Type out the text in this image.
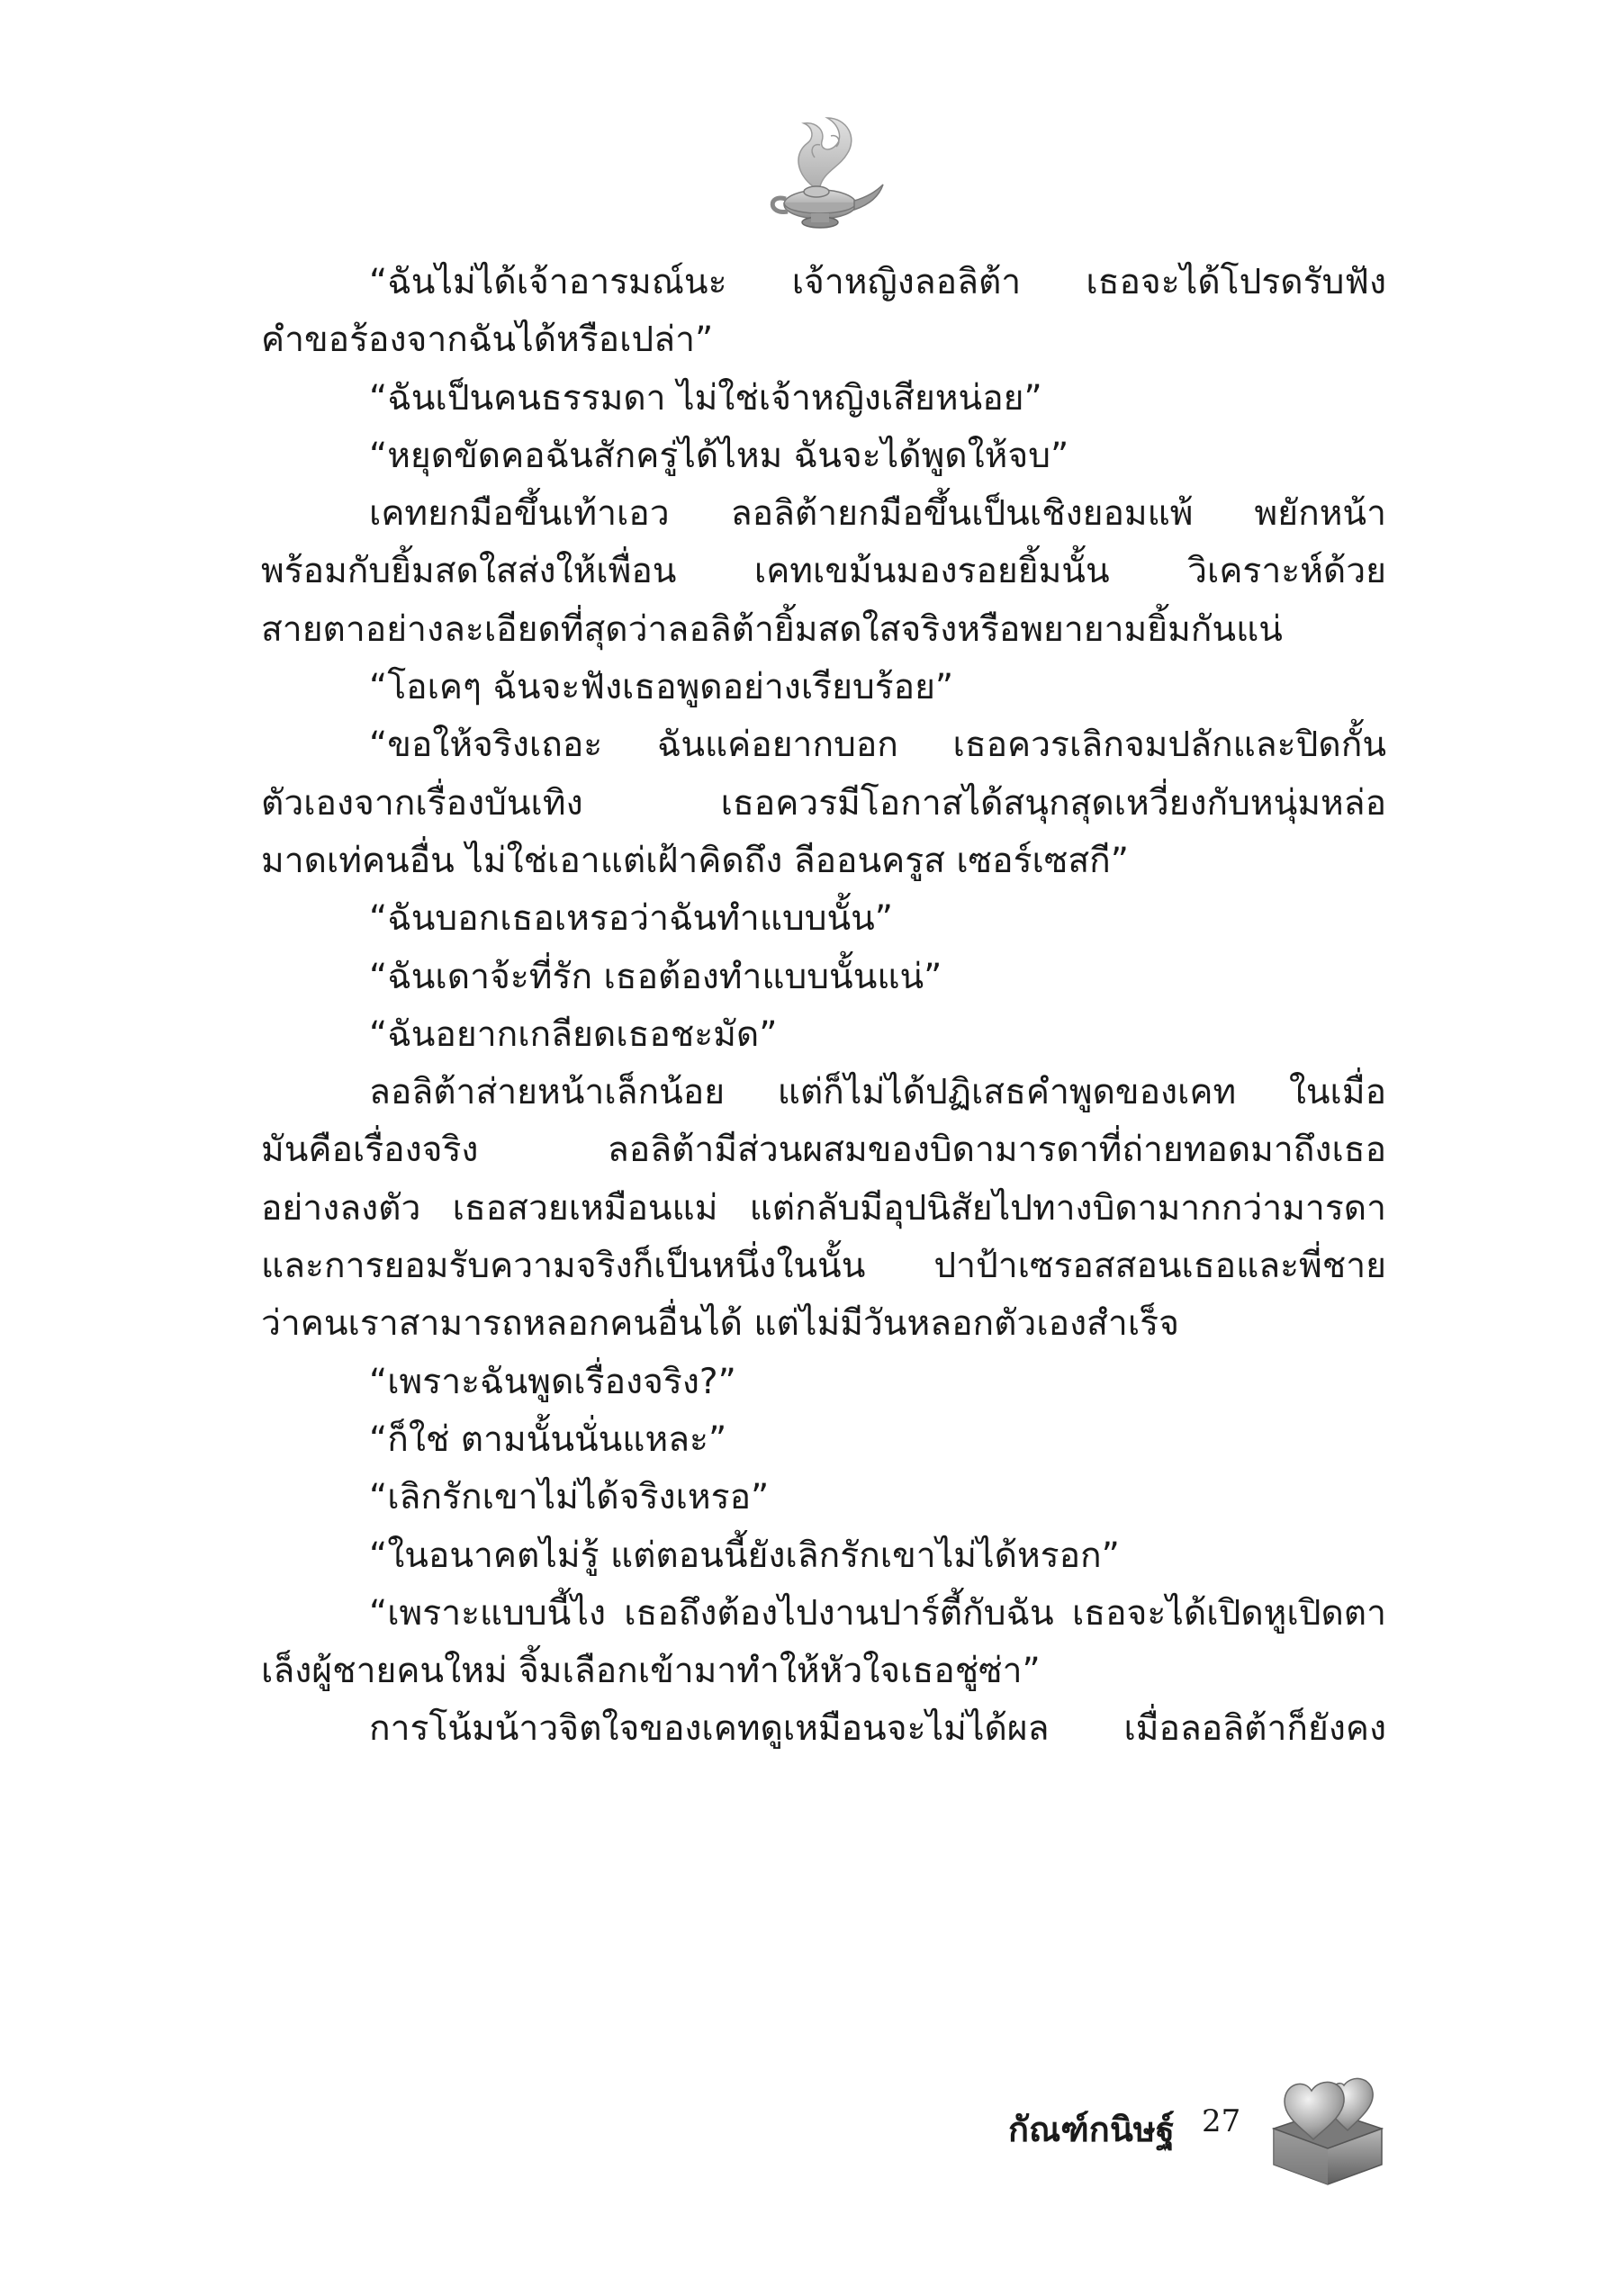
“ฉันไม่ได้เจ้าอารมณ์นะ เจ้าหญิงลอลิต้า เธอจะได้โปรดรับฟัง
คำขอร้องจากฉันได้หรือเปล่า”
“ฉันเป็นคนธรรมดา ไม่ใช่เจ้าหญิงเสียหน่อย”
“หยุดขัดคอฉันสักครู่ได้ไหม ฉันจะได้พูดให้จบ”
เคทยกมือขึ้นเท้าเอว ลอลิต้ายกมือขึ้นเป็นเชิงยอมแพ้ พยักหน้า
พร้อมกับยิ้มสดใสส่งให้เพื่อน เคทเขม้นมองรอยยิ้มนั้น วิเคราะห์ด้วย
สายตาอย่างละเอียดที่สุดว่าลอลิต้ายิ้มสดใสจริงหรือพยายามยิ้มกันแน่
“โอเคๆ ฉันจะฟังเธอพูดอย่างเรียบร้อย”
“ขอให้จริงเถอะ ฉันแค่อยากบอก เธอควรเลิกจมปลักและปิดกั้น
ตัวเองจากเรื่องบันเทิง เธอควรมีโอกาสได้สนุกสุดเหวี่ยงกับหนุ่มหล่อ
มาดเท่คนอื่น ไม่ใช่เอาแต่เฝ้าคิดถึง ลีออนครูส เซอร์เซสกี”
“ฉันบอกเธอเหรอว่าฉันทำแบบนั้น”
“ฉันเดาจ้ะที่รัก เธอต้องทำแบบนั้นแน่”
“ฉันอยากเกลียดเธอชะมัด”
ลอลิต้าส่ายหน้าเล็กน้อย แต่ก็ไม่ได้ปฏิเสธคำพูดของเคท ในเมื่อ
มันคือเรื่องจริง ลอลิต้ามีส่วนผสมของบิดามารดาที่ถ่ายทอดมาถึงเธอ
อย่างลงตัว เธอสวยเหมือนแม่ แต่กลับมีอุปนิสัยไปทางบิดามากกว่ามารดา
และการยอมรับความจริงก็เป็นหนึ่งในนั้น ปาป้าเซรอสสอนเธอและพี่ชาย
ว่าคนเราสามารถหลอกคนอื่นได้ แต่ไม่มีวันหลอกตัวเองสำเร็จ
“เพราะฉันพูดเรื่องจริง?”
“ก็ใช่ ตามนั้นนั่นแหละ”
“เลิกรักเขาไม่ได้จริงเหรอ”
“ในอนาคตไม่รู้ แต่ตอนนี้ยังเลิกรักเขาไม่ได้หรอก”
“เพราะแบบนี้ไง เธอถึงต้องไปงานปาร์ตี้กับฉัน เธอจะได้เปิดหูเปิดตา
เล็งผู้ชายคนใหม่ จิ้มเลือกเข้ามาทำให้หัวใจเธอชู่ซ่า”
การโน้มน้าวจิตใจของเคทดูเหมือนจะไม่ได้ผล เมื่อลอลิต้าก็ยังคง
กัณฑ์กนิษฐ์ 27
